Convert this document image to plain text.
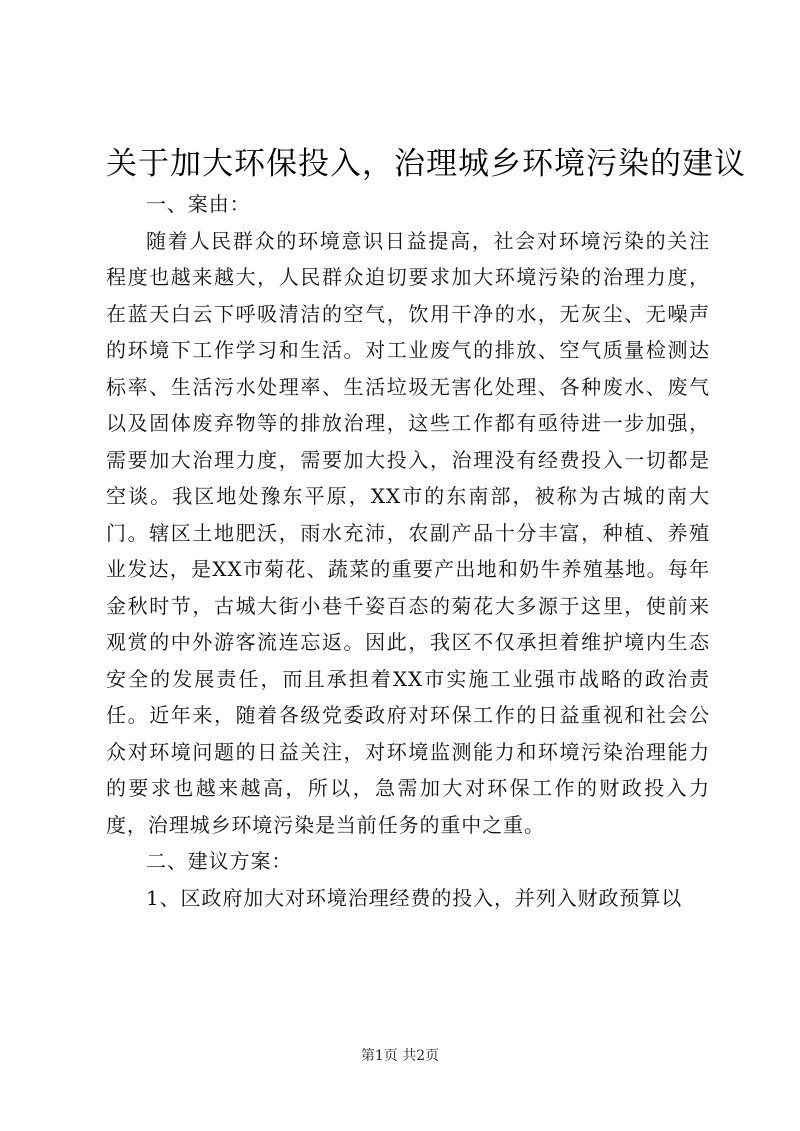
关于加大环保投入，治理城乡环境污染的建议

一、案由：

随着人民群众的环境意识日益提高，社会对环境污染的关注程度也越来越大，人民群众迫切要求加大环境污染的治理力度，在蓝天白云下呼吸清洁的空气，饮用干净的水，无灰尘、无噪声的环境下工作学习和生活。对工业废气的排放、空气质量检测达标率、生活污水处理率、生活垃圾无害化处理、各种废水、废气以及固体废弃物等的排放治理，这些工作都有亟待进一步加强，需要加大治理力度，需要加大投入，治理没有经费投入一切都是空谈。我区地处豫东平原，XX市的东南部，被称为古城的南大门。辖区土地肥沃，雨水充沛，农副产品十分丰富，种植、养殖业发达，是XX市菊花、蔬菜的重要产出地和奶牛养殖基地。每年金秋时节，古城大街小巷千姿百态的菊花大多源于这里，使前来观赏的中外游客流连忘返。因此，我区不仅承担着维护境内生态安全的发展责任，而且承担着XX市实施工业强市战略的政治责任。近年来，随着各级党委政府对环保工作的日益重视和社会公众对环境问题的日益关注，对环境监测能力和环境污染治理能力的要求也越来越高，所以，急需加大对环保工作的财政投入力度，治理城乡环境污染是当前任务的重中之重。

二、建议方案：

1、区政府加大对环境治理经费的投入，并列入财政预算以

第1页 共2页
